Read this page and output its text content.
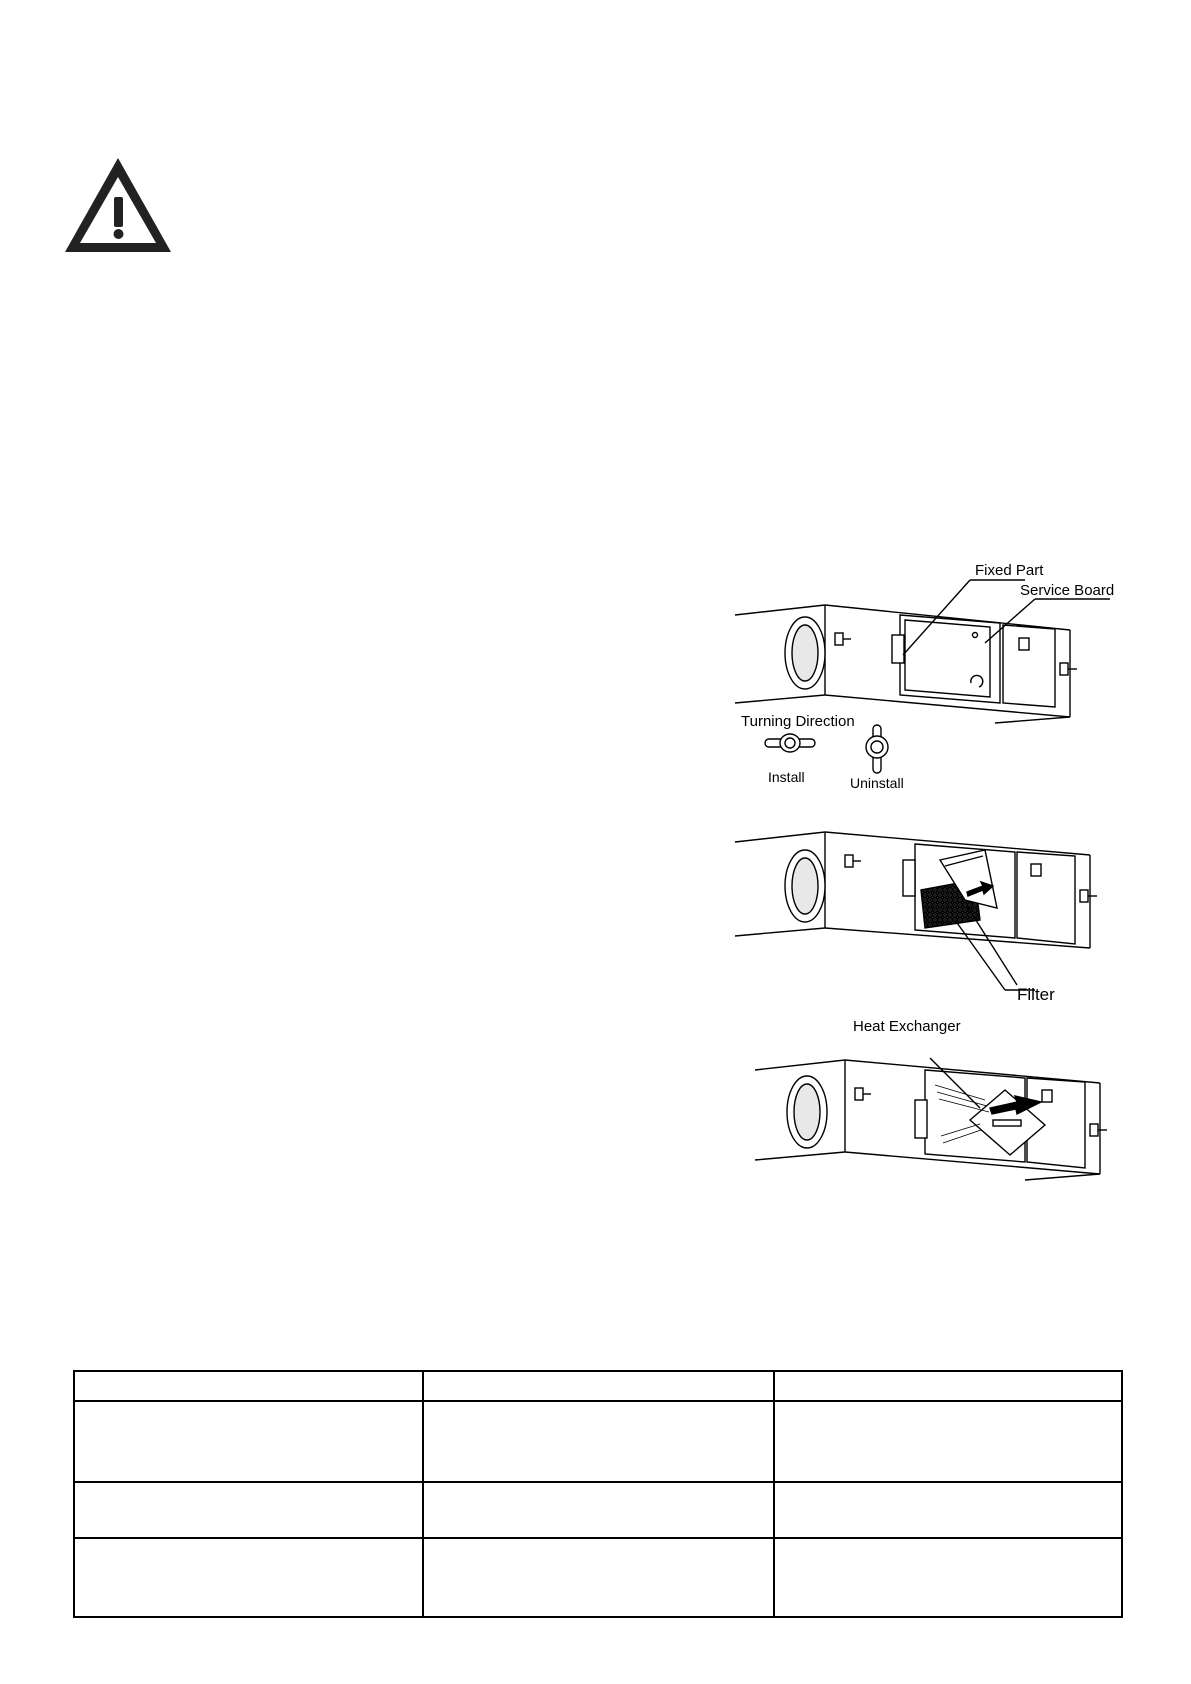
Fixed Part
Service Board
Turning Direction
Install	Uninstall
Filter
Heat Exchanger
